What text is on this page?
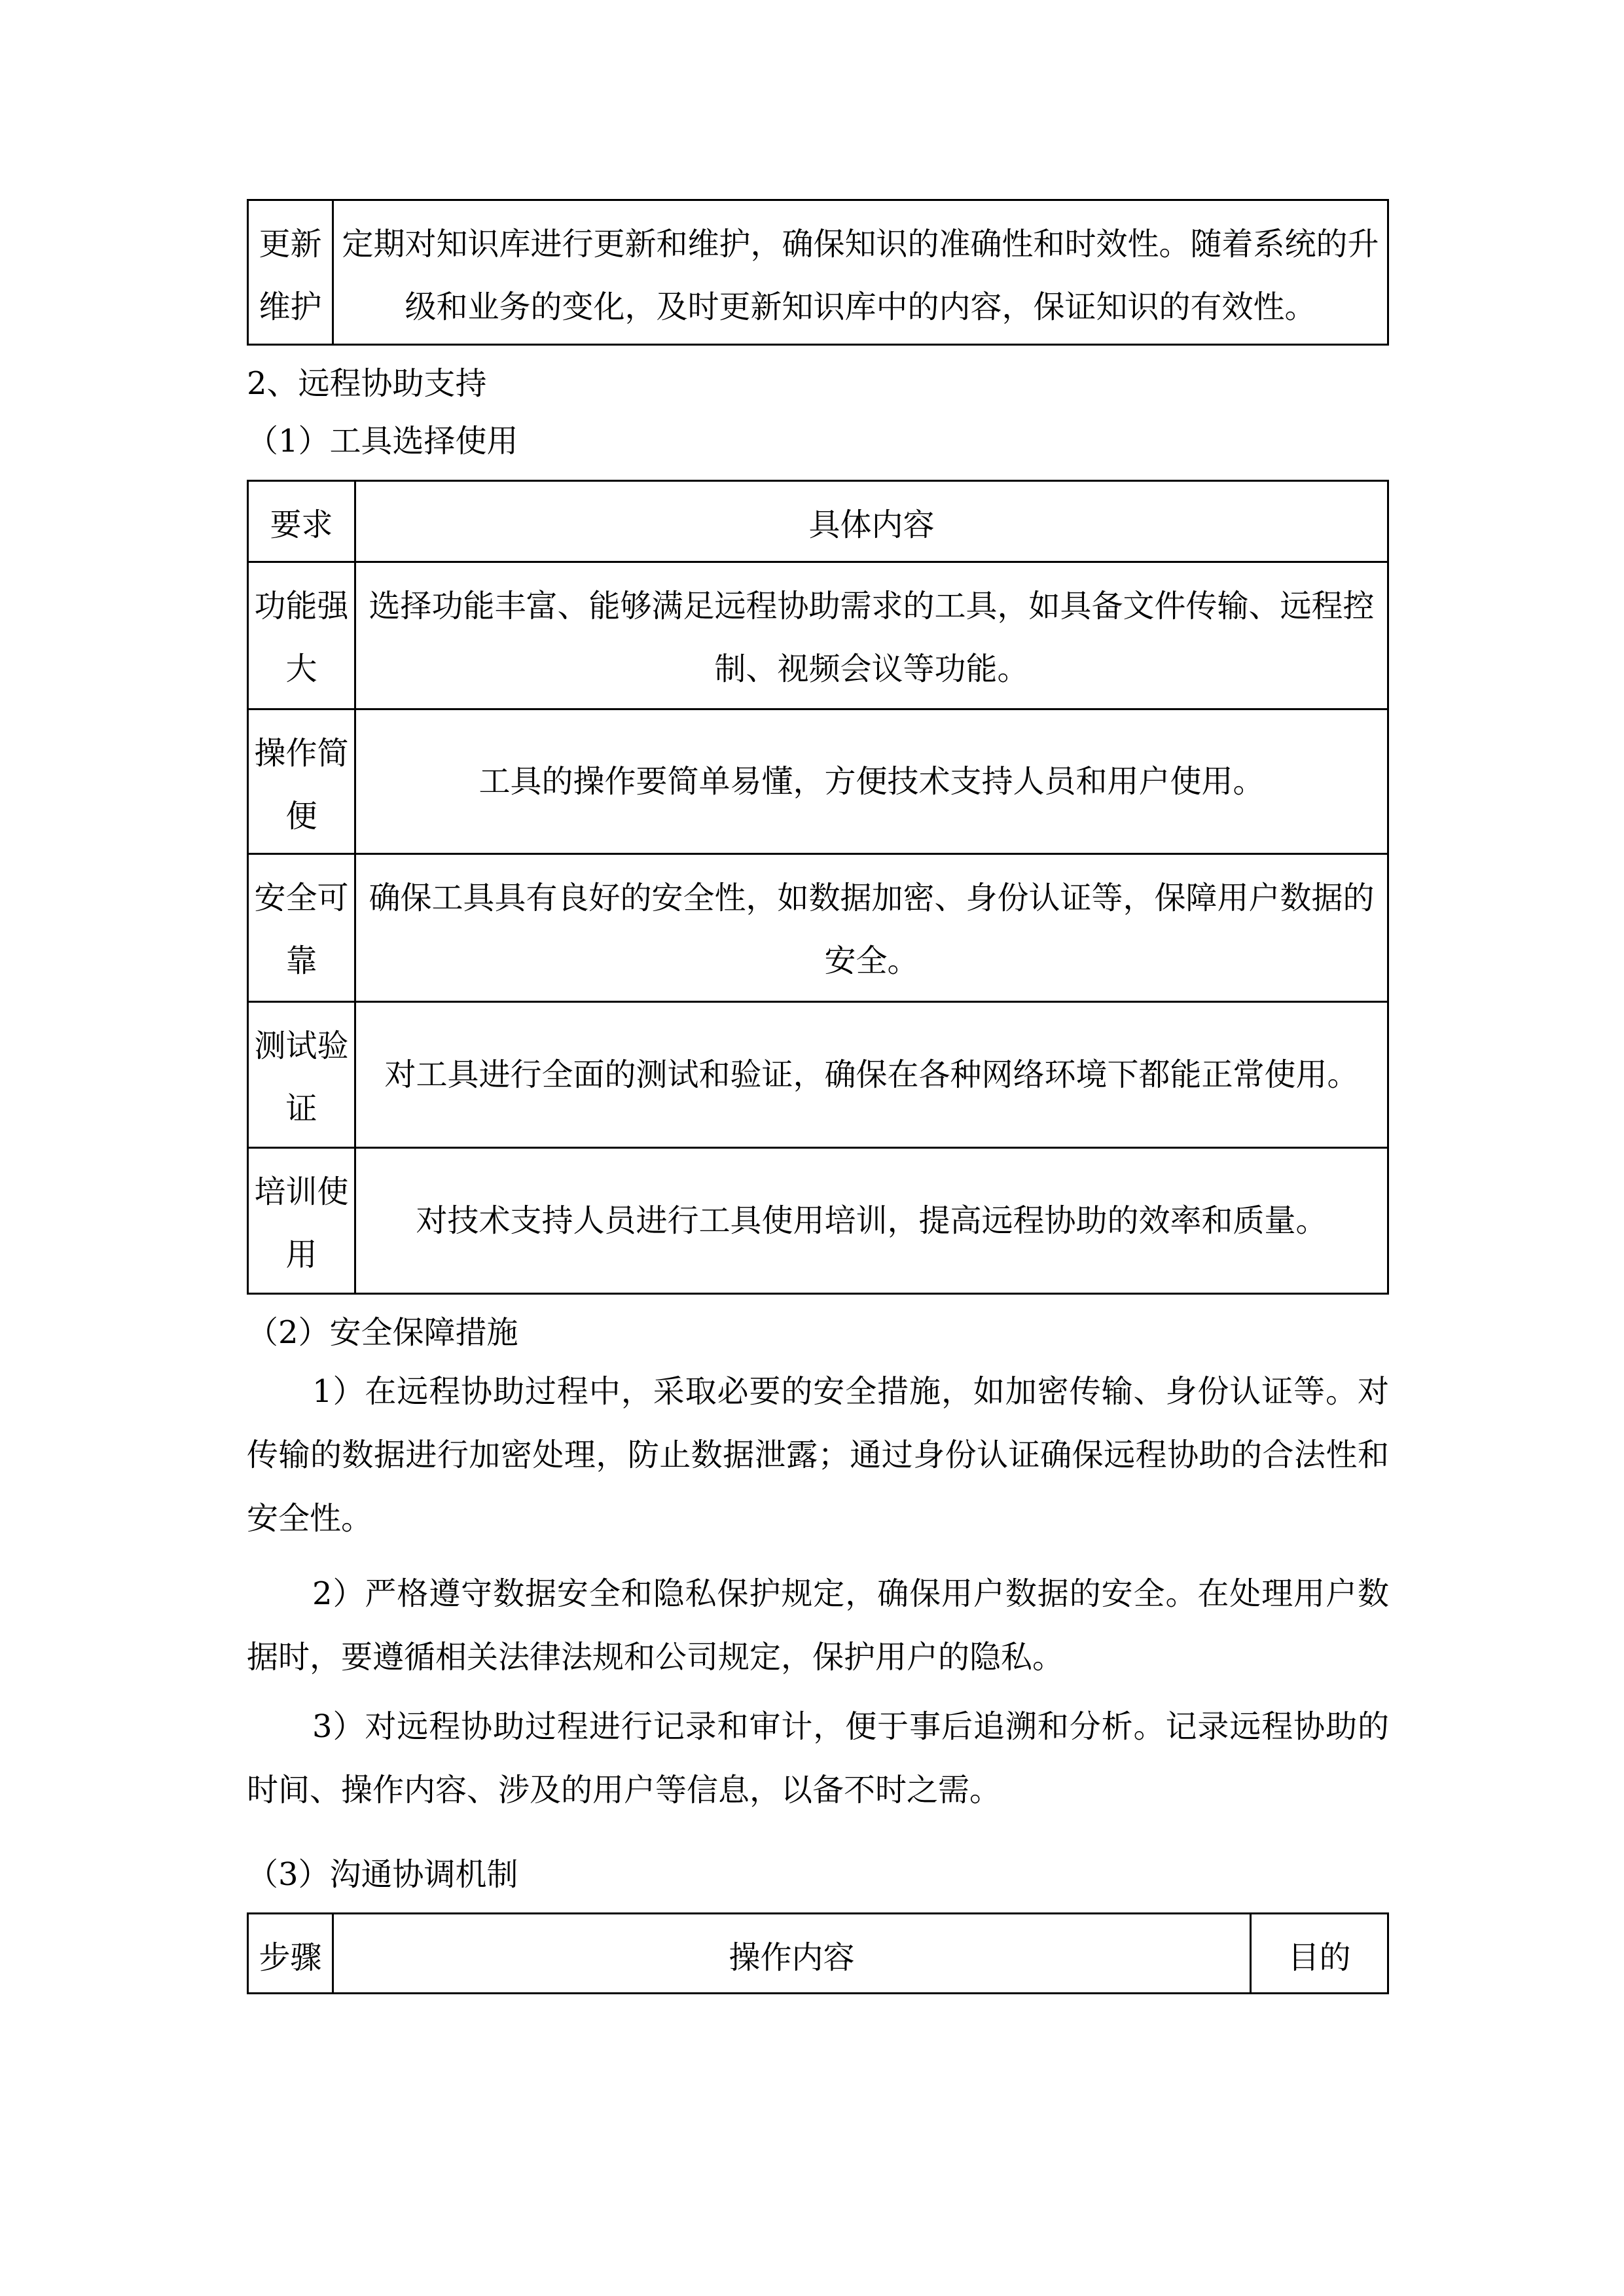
更新维护	定期对知识库进行更新和维护，确保知识的准确性和时效性。随着系统的升级和业务的变化，及时更新知识库中的内容，保证知识的有效性。
2、远程协助支持
（1）工具选择使用
要求	具体内容
功能强大	选择功能丰富、能够满足远程协助需求的工具，如具备文件传输、远程控制、视频会议等功能。
操作简便	工具的操作要简单易懂，方便技术支持人员和用户使用。
安全可靠	确保工具具有良好的安全性，如数据加密、身份认证等，保障用户数据的安全。
测试验证	对工具进行全面的测试和验证，确保在各种网络环境下都能正常使用。
培训使用	对技术支持人员进行工具使用培训，提高远程协助的效率和质量。
（2）安全保障措施
1）在远程协助过程中，采取必要的安全措施，如加密传输、身份认证等。对传输的数据进行加密处理，防止数据泄露；通过身份认证确保远程协助的合法性和安全性。
2）严格遵守数据安全和隐私保护规定，确保用户数据的安全。在处理用户数据时，要遵循相关法律法规和公司规定，保护用户的隐私。
3）对远程协助过程进行记录和审计，便于事后追溯和分析。记录远程协助的时间、操作内容、涉及的用户等信息，以备不时之需。
（3）沟通协调机制
步骤	操作内容	目的
